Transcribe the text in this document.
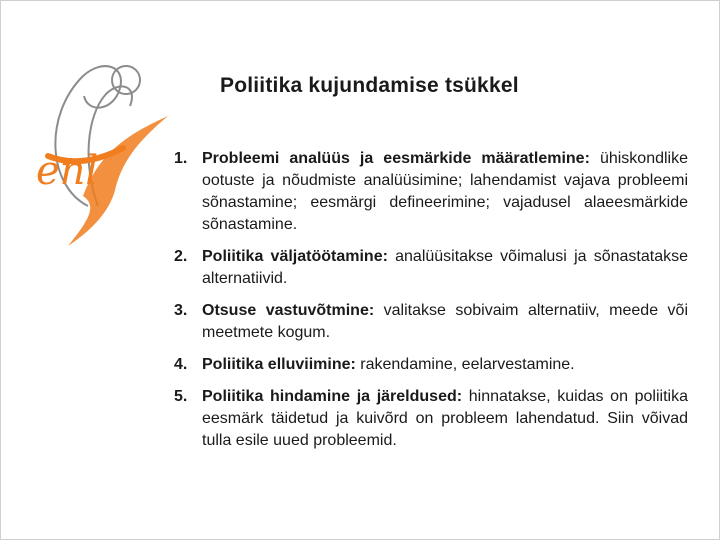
enl
Poliitika kujundamise tsükkel
1. Probleemi analüüs ja eesmärkide määratlemine: ühiskondlike ootuste ja nõudmiste analüüsimine; lahendamist vajava probleemi sõnastamine; eesmärgi defineerimine; vajadusel alaeesmärkide sõnastamine.
2. Poliitika väljatöötamine: analüüsitakse võimalusi ja sõnastatakse alternatiivid.
3. Otsuse vastuvõtmine: valitakse sobivaim alternatiiv, meede või meetmete kogum.
4. Poliitika elluviimine: rakendamine, eelarvestamine.
5. Poliitika hindamine ja järeldused: hinnatakse, kuidas on poliitika eesmärk täidetud ja kuivõrd on probleem lahendatud. Siin võivad tulla esile uued probleemid.
